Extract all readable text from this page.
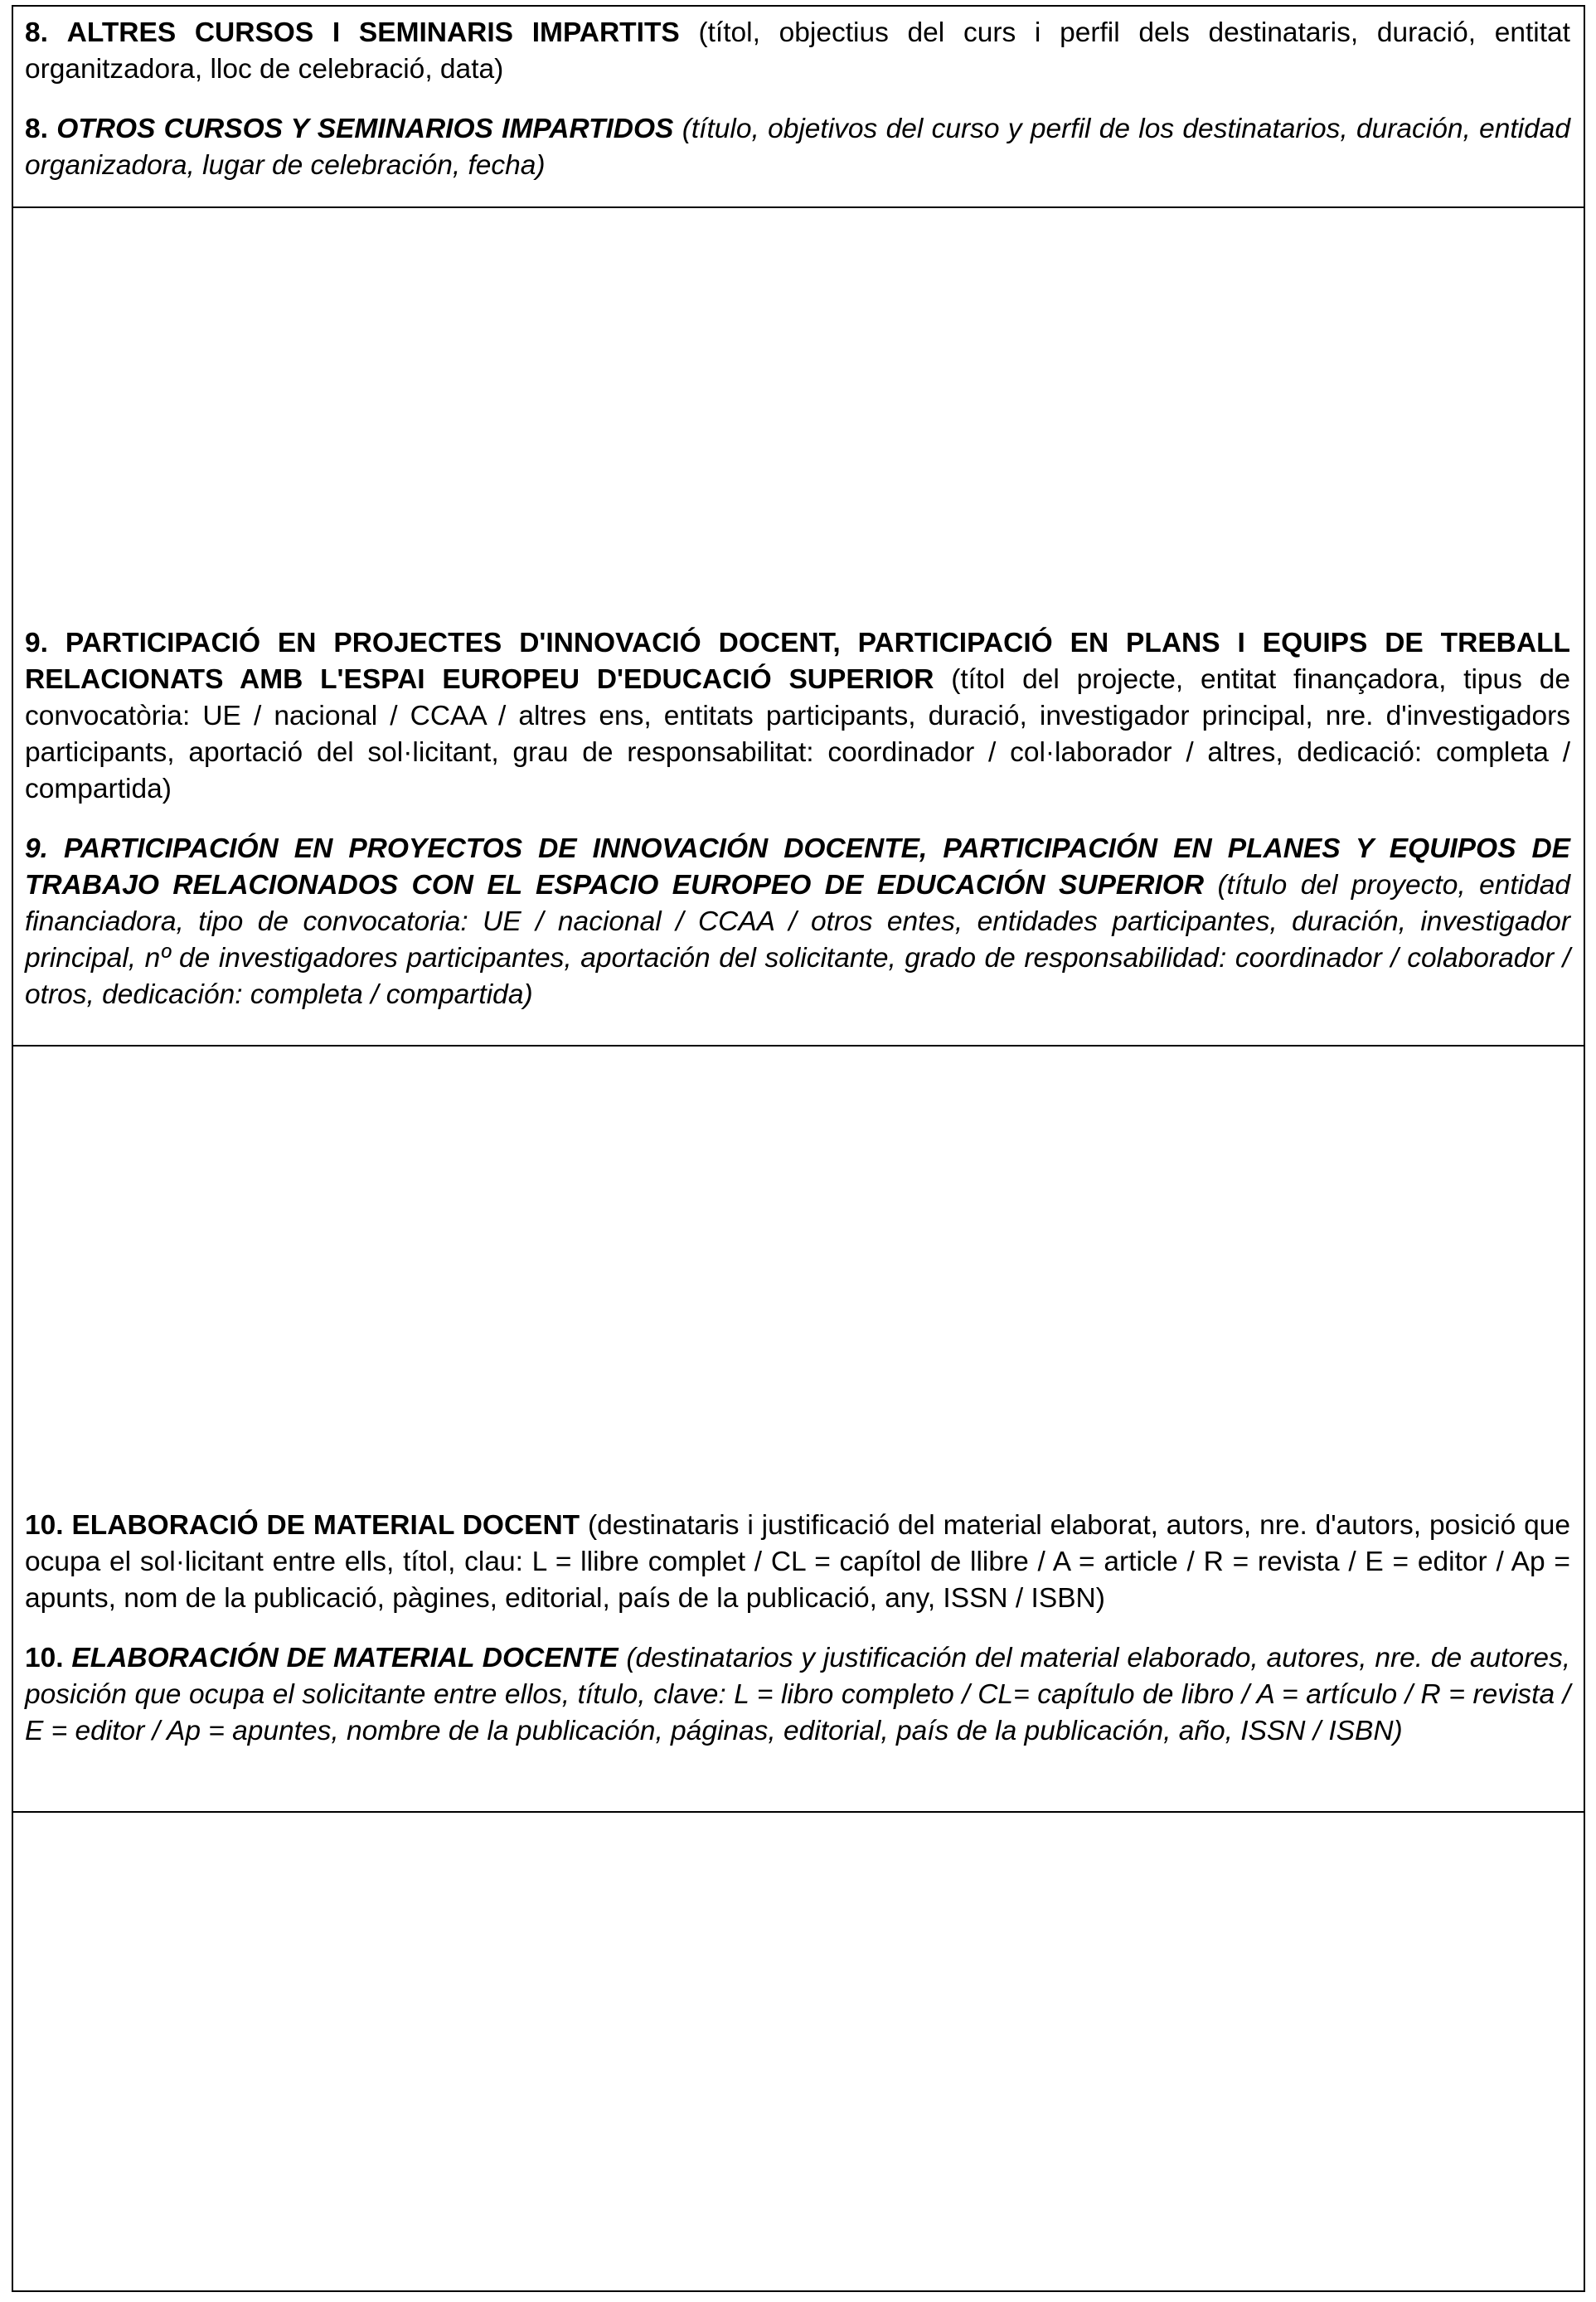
8. ALTRES CURSOS I SEMINARIS IMPARTITS (títol, objectius del curs i perfil dels destinataris, duració, entitat organitzadora, lloc de celebració, data)

8. OTROS CURSOS Y SEMINARIOS IMPARTIDOS (título, objetivos del curso y perfil de los destinatarios, duración, entidad organizadora, lugar de celebración, fecha)

9. PARTICIPACIÓ EN PROJECTES D'INNOVACIÓ DOCENT, PARTICIPACIÓ EN PLANS I EQUIPS DE TREBALL RELACIONATS AMB L'ESPAI EUROPEU D'EDUCACIÓ SUPERIOR (títol del projecte, entitat finançadora, tipus de convocatòria: UE / nacional / CCAA / altres ens, entitats participants, duració, investigador principal, nre. d'investigadors participants, aportació del sol·licitant, grau de responsabilitat: coordinador / col·laborador / altres, dedicació: completa / compartida)

9. PARTICIPACIÓN EN PROYECTOS DE INNOVACIÓN DOCENTE, PARTICIPACIÓN EN PLANES Y EQUIPOS DE TRABAJO RELACIONADOS CON EL ESPACIO EUROPEO DE EDUCACIÓN SUPERIOR (título del proyecto, entidad financiadora, tipo de convocatoria: UE / nacional / CCAA / otros entes, entidades participantes, duración, investigador principal, nº de investigadores participantes, aportación del solicitante, grado de responsabilidad: coordinador / colaborador / otros, dedicación: completa / compartida)

10. ELABORACIÓ DE MATERIAL DOCENT (destinataris i justificació del material elaborat, autors, nre. d'autors, posició que ocupa el sol·licitant entre ells, títol, clau: L = llibre complet / CL = capítol de llibre / A = article / R = revista / E = editor / Ap = apunts, nom de la publicació, pàgines, editorial, país de la publicació, any, ISSN / ISBN)

10. ELABORACIÓN DE MATERIAL DOCENTE (destinatarios y justificación del material elaborado, autores, nre. de autores, posición que ocupa el solicitante entre ellos, título, clave: L = libro completo / CL= capítulo de libro / A = artículo / R = revista / E = editor / Ap = apuntes, nombre de la publicación, páginas, editorial, país de la publicación, año, ISSN / ISBN)
